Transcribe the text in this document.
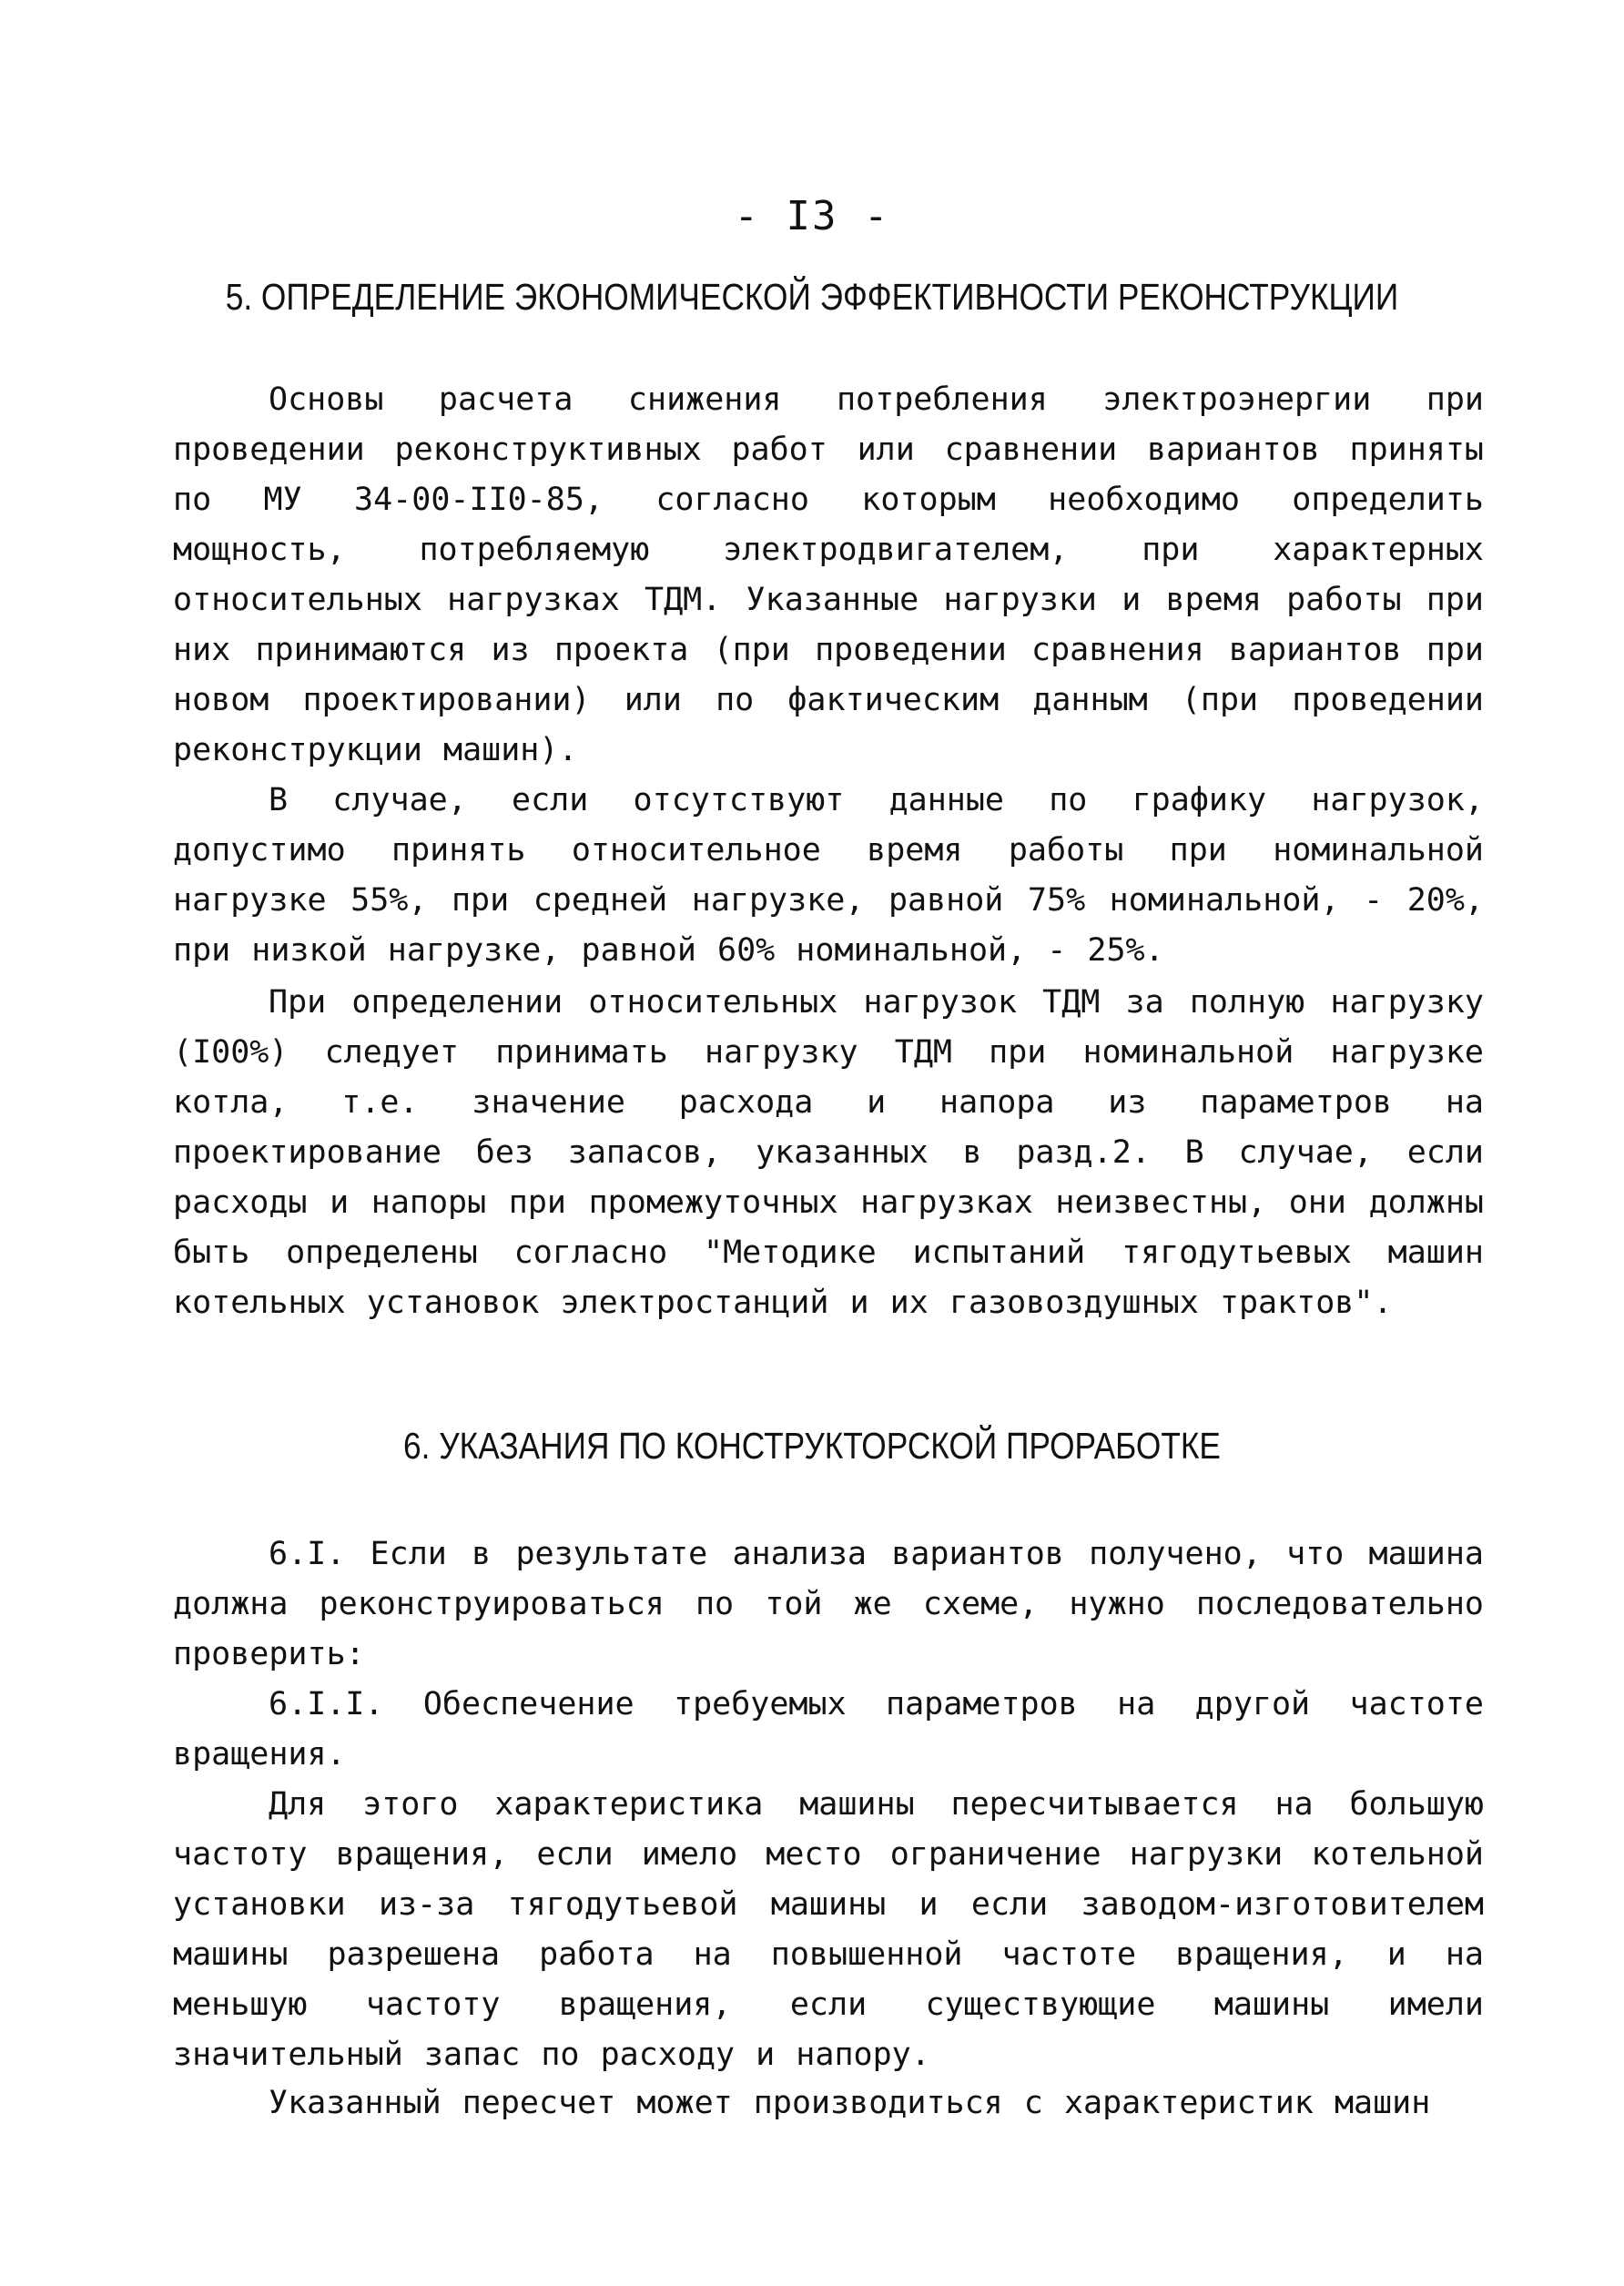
- I3 -
5. ОПРЕДЕЛЕНИЕ ЭКОНОМИЧЕСКОЙ ЭФФЕКТИВНОСТИ РЕКОНСТРУКЦИИ

Основы расчета снижения потребления электроэнергии при проведении реконструктивных работ или сравнении вариантов приняты по МУ 34-00-II0-85, согласно которым необходимо определить мощность, потребляемую электродвигателем, при характерных относительных нагрузках ТДМ. Указанные нагрузки и время работы при них принимаются из проекта (при проведении сравнения вариантов при новом проектировании) или по фактическим данным (при проведении реконструкции машин).

В случае, если отсутствуют данные по графику нагрузок, допустимо принять относительное время работы при номинальной нагрузке 55%, при средней нагрузке, равной 75% номинальной, - 20%, при низкой нагрузке, равной 60% номинальной, - 25%.

При определении относительных нагрузок ТДМ за полную нагрузку (I00%) следует принимать нагрузку ТДМ при номинальной нагрузке котла, т.е. значение расхода и напора из параметров на проектирование без запасов, указанных в разд.2. В случае, если расходы и напоры при промежуточных нагрузках неизвестны, они должны быть определены согласно "Методике испытаний тягодутьевых машин котельных установок электростанций и их газовоздушных трактов".

6. УКАЗАНИЯ ПО КОНСТРУКТОРСКОЙ ПРОРАБОТКЕ

6.I. Если в результате анализа вариантов получено, что машина должна реконструироваться по той же схеме, нужно последовательно проверить:

6.I.I. Обеспечение требуемых параметров на другой частоте вращения.

Для этого характеристика машины пересчитывается на большую частоту вращения, если имело место ограничение нагрузки котельной установки из-за тягодутьевой машины и если заводом-изготовителем машины разрешена работа на повышенной частоте вращения, и на меньшую частоту вращения, если существующие машины имели значительный запас по расходу и напору.

Указанный пересчет может производиться с характеристик машин
